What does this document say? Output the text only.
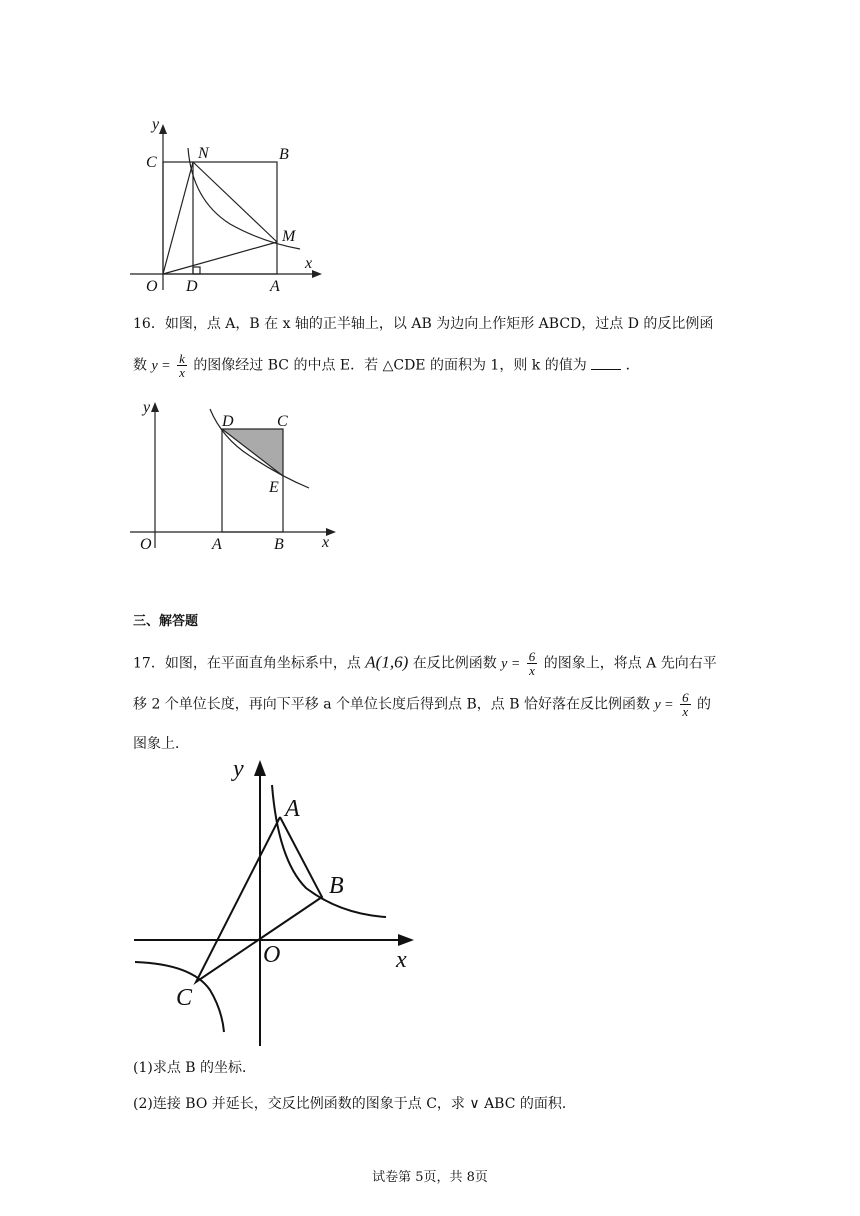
y
x
C
N	B
M
O D	A
16．如图，点 A，B 在 x 轴的正半轴上，以 AB 为边向上作矩形 ABCD，过点 D 的反比例函
数 $y = \frac{k}{x}$ 的图像经过 BC 的中点 E．若 △CDE 的面积为 1，则 k 的值为	．
y
x
D	C
E
O	A	B
三、解答题
17．如图，在平面直角坐标系中，点 A(1,6) 在反比例函数 $y = \frac{6}{x}$ 的图象上，将点 A 先向右平
移 2 个单位长度，再向下平移 a 个单位长度后得到点 B，点 B 恰好落在反比例函数 $y = \frac{6}{x}$ 的
图象上．
y
x
A
B
O
C
(1)求点 B 的坐标．
(2)连接 BO 并延长，交反比例函数的图象于点 C，求 ∨ ABC 的面积．
试卷第 5页，共 8页
